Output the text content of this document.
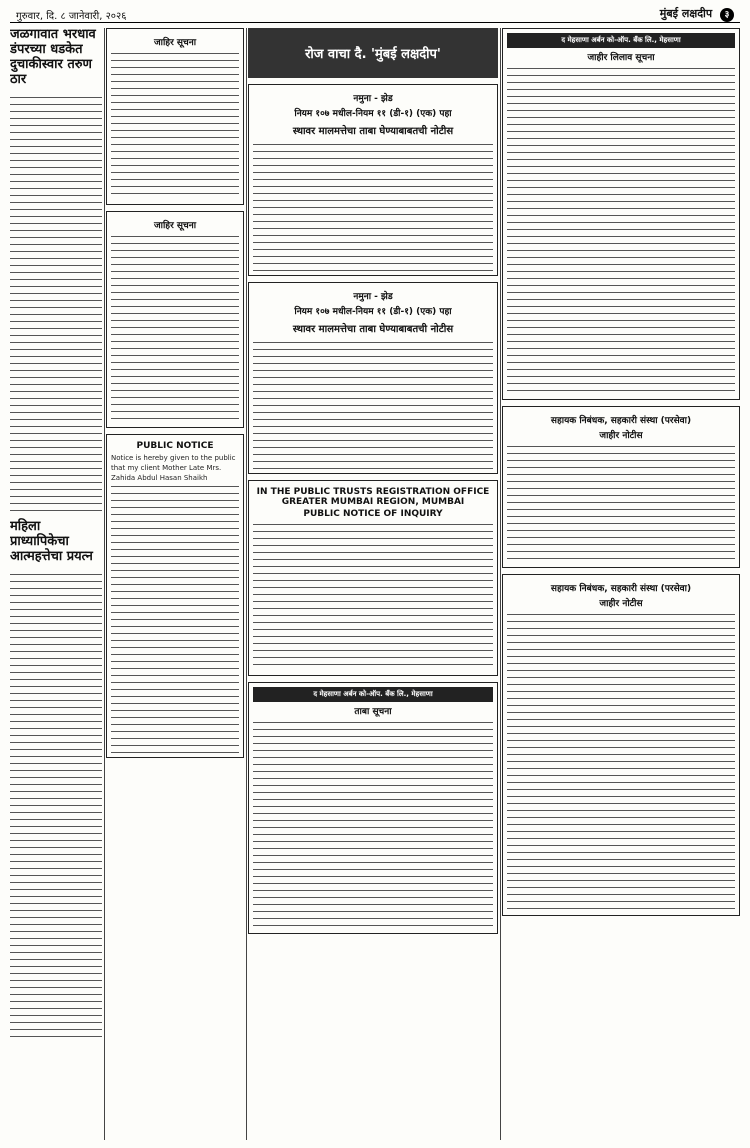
गुरुवार, दि. ८ जानेवारी, २०२६	मुंबई लक्षदीप ३
जळगावात भरधाव डंपरच्या धडकेत दुचाकीस्वार तरुण ठार
महिला प्राध्यापिकेचा आत्महत्तेचा प्रयत्न
जाहिर सूचना
जाहिर सूचना
PUBLIC NOTICE
Notice is hereby given to the public that my client Mother Late Mrs. Zahida Abdul Hasan Shaikh
रोज वाचा दै. 'मुंबई लक्षदीप'
नमुना - झेड
नियम १०७ मधील-नियम ११ (डी-१) (एक) पहा
स्थावर मालमत्तेचा ताबा घेण्याबाबतची नोटीस
नमुना - झेड
नियम १०७ मधील-नियम ११ (डी-१) (एक) पहा
स्थावर मालमत्तेचा ताबा घेण्याबाबतची नोटीस
IN THE PUBLIC TRUSTS REGISTRATION OFFICE GREATER MUMBAI REGION, MUMBAI
PUBLIC NOTICE OF INQUIRY
द मेहसाणा अर्बन को-ऑप. बँक लि., मेहसाणा
ताबा सूचना
द मेहसाणा अर्बन को-ऑप. बँक लि., मेहसाणा
जाहीर लिलाव सूचना
सहायक निबंधक, सहकारी संस्था (परसेवा)
जाहीर नोटीस
सहायक निबंधक, सहकारी संस्था (परसेवा)
जाहीर नोटीस
